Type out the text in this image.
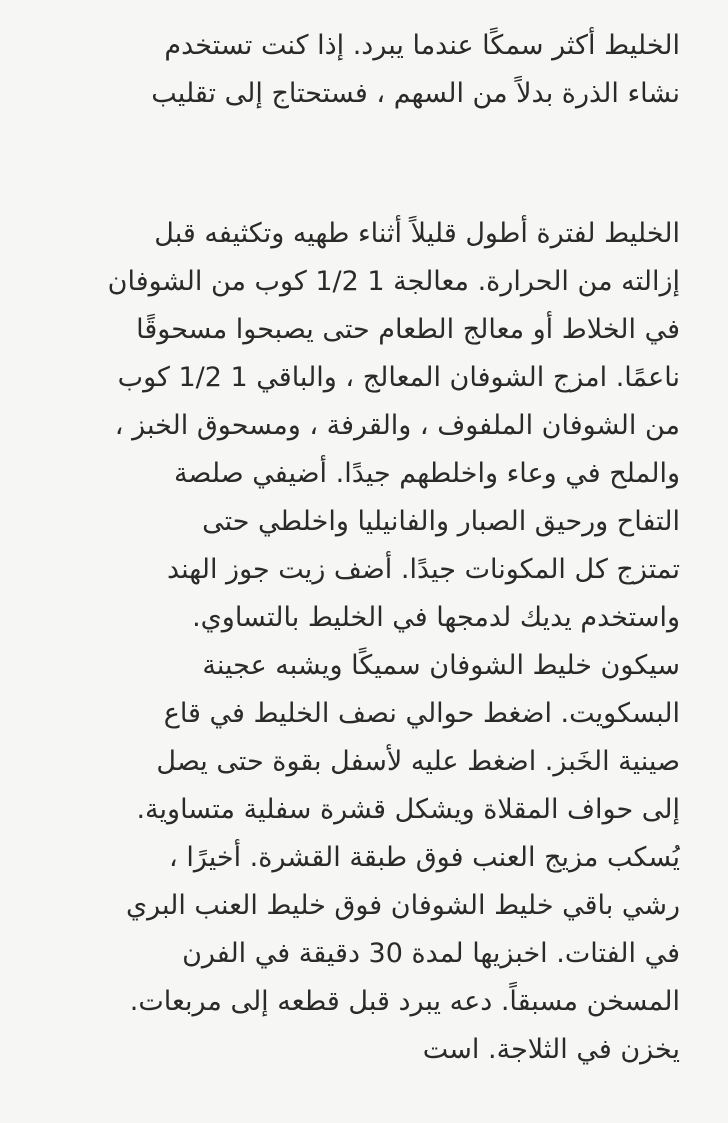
الخليط أكثر سمكًا عندما يبرد. إذا كنت تستخدم
نشاء الذرة بدلاً من السهم ، فستحتاج إلى تقليب
الخليط لفترة أطول قليلاً أثناء طهيه وتكثيفه قبل
إزالته من الحرارة. معالجة 1 1/2 كوب من الشوفان
في الخلاط أو معالج الطعام حتى يصبحوا مسحوقًا
ناعمًا. امزج الشوفان المعالج ، والباقي 1 1/2 كوب
من الشوفان الملفوف ، والقرفة ، ومسحوق الخبز ،
والملح في وعاء واخلطهم جيدًا. أضيفي صلصة
التفاح ورحيق الصبار والفانيليا واخلطي حتى
تمتزج كل المكونات جيدًا. أضف زيت جوز الهند
واستخدم يديك لدمجها في الخليط بالتساوي.
سيكون خليط الشوفان سميكًا ويشبه عجينة
البسكويت. اضغط حوالي نصف الخليط في قاع
صينية الخَبز. اضغط عليه لأسفل بقوة حتى يصل
إلى حواف المقلاة ويشكل قشرة سفلية متساوية.
يُسكب مزيج العنب فوق طبقة القشرة. أخيرًا ،
رشي باقي خليط الشوفان فوق خليط العنب البري
في الفتات. اخبزيها لمدة 30 دقيقة في الفرن
المسخن مسبقاً. دعه يبرد قبل قطعه إلى مربعات.
يخزن في الثلاجة. است
